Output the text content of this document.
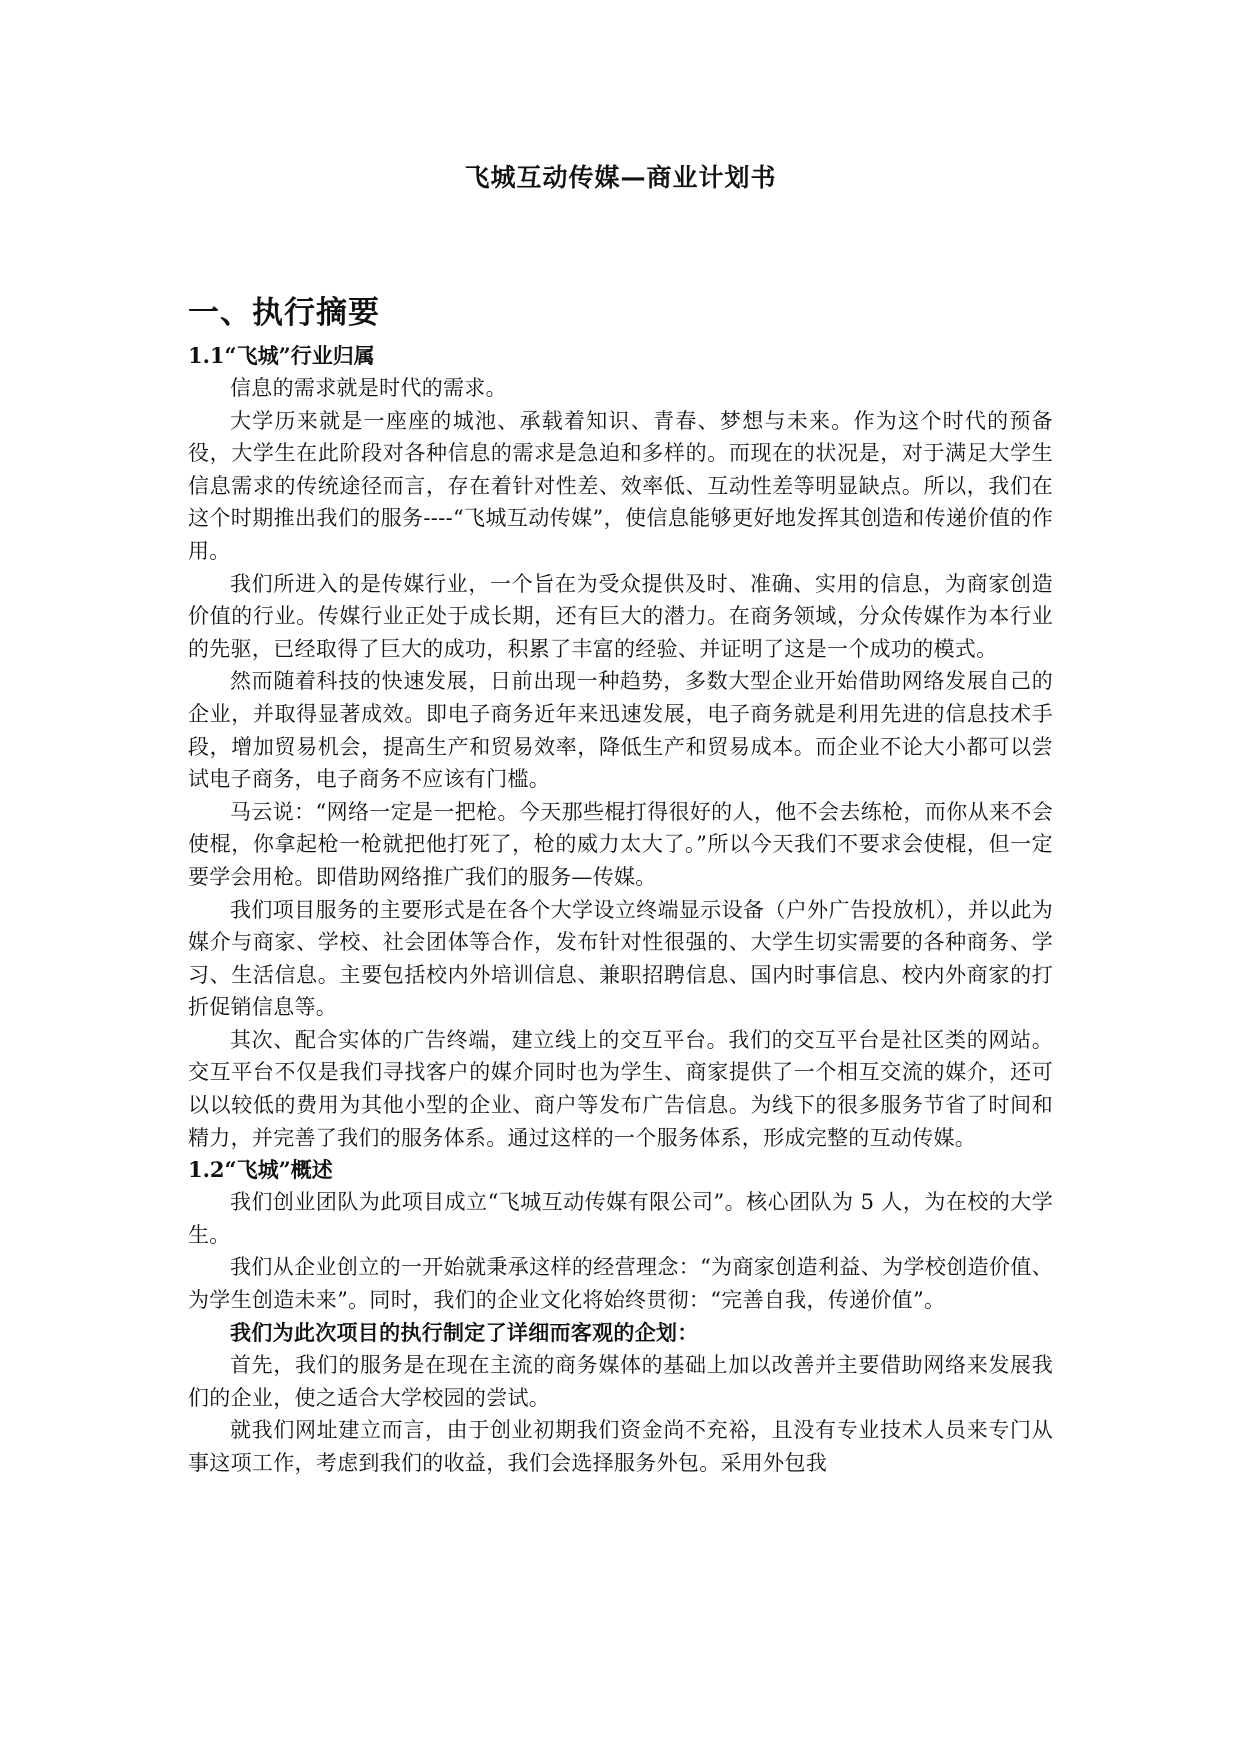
飞城互动传媒—商业计划书
一、执行摘要
1.1“飞城”行业归属

信息的需求就是时代的需求。

大学历来就是一座座的城池、承载着知识、青春、梦想与未来。作为这个时代的预备役，大学生在此阶段对各种信息的需求是急迫和多样的。而现在的状况是，对于满足大学生信息需求的传统途径而言，存在着针对性差、效率低、互动性差等明显缺点。所以，我们在这个时期推出我们的服务----“飞城互动传媒”，使信息能够更好地发挥其创造和传递价值的作用。

我们所进入的是传媒行业，一个旨在为受众提供及时、准确、实用的信息，为商家创造价值的行业。传媒行业正处于成长期，还有巨大的潜力。在商务领域，分众传媒作为本行业的先驱，已经取得了巨大的成功，积累了丰富的经验、并证明了这是一个成功的模式。

然而随着科技的快速发展，日前出现一种趋势，多数大型企业开始借助网络发展自己的企业，并取得显著成效。即电子商务近年来迅速发展，电子商务就是利用先进的信息技术手段，增加贸易机会，提高生产和贸易效率，降低生产和贸易成本。而企业不论大小都可以尝试电子商务，电子商务不应该有门槛。

马云说：“网络一定是一把枪。今天那些棍打得很好的人，他不会去练枪，而你从来不会使棍，你拿起枪一枪就把他打死了，枪的威力太大了。”所以今天我们不要求会使棍，但一定要学会用枪。即借助网络推广我们的服务—传媒。

我们项目服务的主要形式是在各个大学设立终端显示设备（户外广告投放机），并以此为媒介与商家、学校、社会团体等合作，发布针对性很强的、大学生切实需要的各种商务、学习、生活信息。主要包括校内外培训信息、兼职招聘信息、国内时事信息、校内外商家的打折促销信息等。

其次、配合实体的广告终端，建立线上的交互平台。我们的交互平台是社区类的网站。交互平台不仅是我们寻找客户的媒介同时也为学生、商家提供了一个相互交流的媒介，还可以以较低的费用为其他小型的企业、商户等发布广告信息。为线下的很多服务节省了时间和精力，并完善了我们的服务体系。通过这样的一个服务体系，形成完整的互动传媒。

1.2“飞城”概述

我们创业团队为此项目成立“飞城互动传媒有限公司”。核心团队为 5 人，为在校的大学生。

我们从企业创立的一开始就秉承这样的经营理念：“为商家创造利益、为学校创造价值、为学生创造未来”。同时，我们的企业文化将始终贯彻：“完善自我，传递价值”。

我们为此次项目的执行制定了详细而客观的企划：

首先，我们的服务是在现在主流的商务媒体的基础上加以改善并主要借助网络来发展我们的企业，使之适合大学校园的尝试。

就我们网址建立而言，由于创业初期我们资金尚不充裕，且没有专业技术人员来专门从事这项工作，考虑到我们的收益，我们会选择服务外包。采用外包我
